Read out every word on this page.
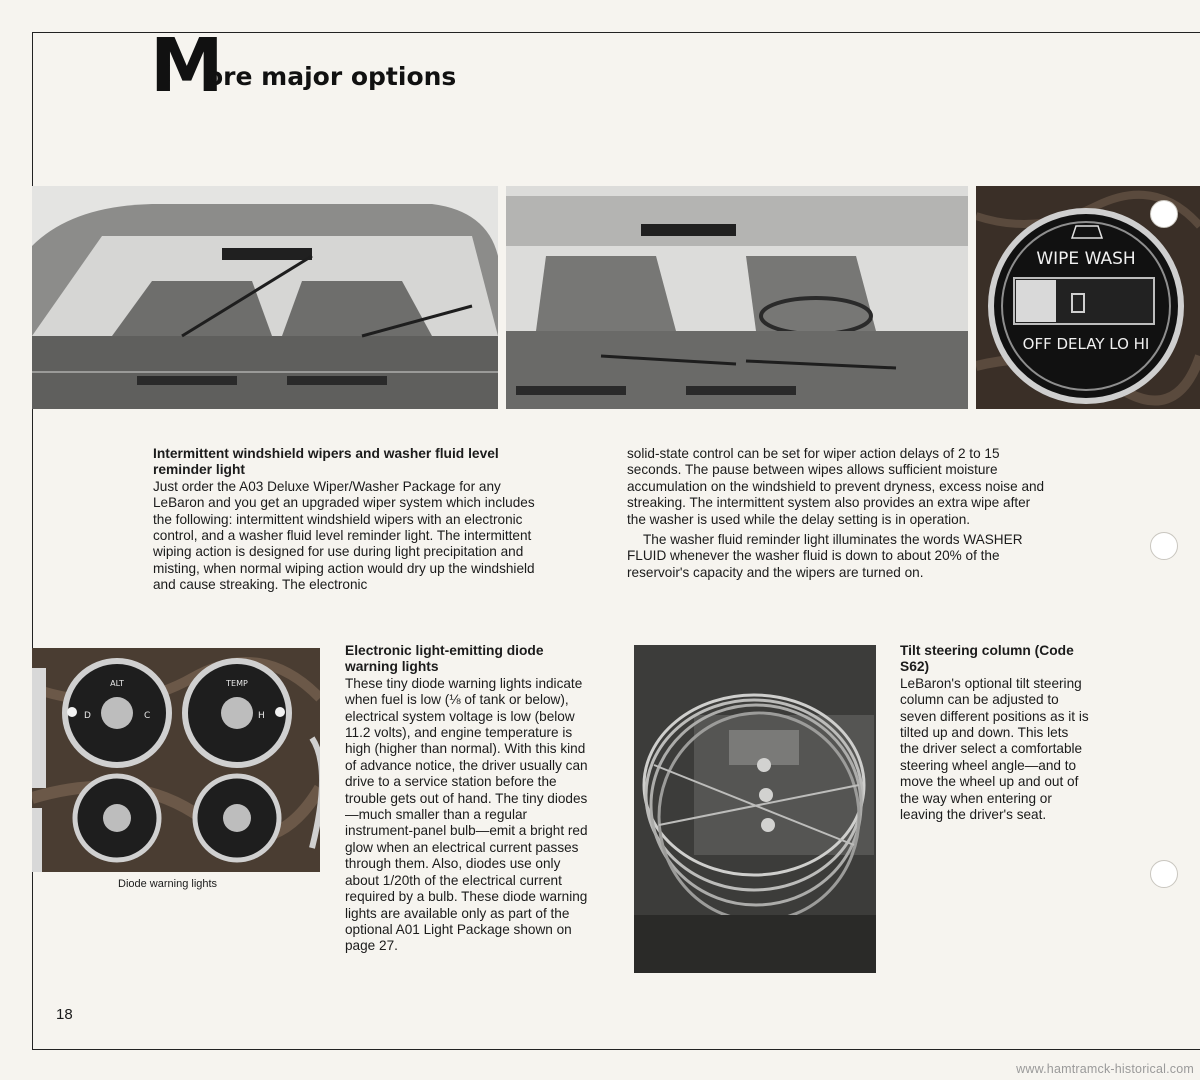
M
ore major options
WIPE WASH
OFF DELAY LO HI
Intermittent windshield wipers and washer fluid level reminder light

Just order the A03 Deluxe Wiper/Washer Package for any LeBaron and you get an upgraded wiper system which includes the following: intermittent windshield wipers with an electronic control, and a washer fluid level reminder light. The intermittent wiping action is designed for use during light precipitation and misting, when normal wiping action would dry up the windshield and cause streaking. The electronic

solid-state control can be set for wiper action delays of 2 to 15 seconds. The pause between wipes allows sufficient moisture accumulation on the windshield to prevent dryness, excess noise and streaking. The intermittent system also provides an extra wipe after the washer is used while the delay setting is in operation.

The washer fluid reminder light illuminates the words WASHER FLUID whenever the washer fluid is down to about 20% of the reservoir's capacity and the wipers are turned on.

ALT	TEMP
D	C	H
Diode warning lights
Electronic light-emitting diode warning lights

These tiny diode warning lights indicate when fuel is low (⅛ of tank or below), electrical system voltage is low (below 11.2 volts), and engine temperature is high (higher than normal). With this kind of advance notice, the driver usually can drive to a service station before the trouble gets out of hand. The tiny diodes—much smaller than a regular instrument-panel bulb—emit a bright red glow when an electrical current passes through them. Also, diodes use only about 1/20th of the electrical current required by a bulb. These diode warning lights are available only as part of the optional A01 Light Package shown on page 27.

Tilt steering column (Code S62)

LeBaron's optional tilt steering column can be adjusted to seven different positions as it is tilted up and down. This lets the driver select a comfortable steering wheel angle—and to move the wheel up and out of the way when entering or leaving the driver's seat.

18
www.hamtramck-historical.com
